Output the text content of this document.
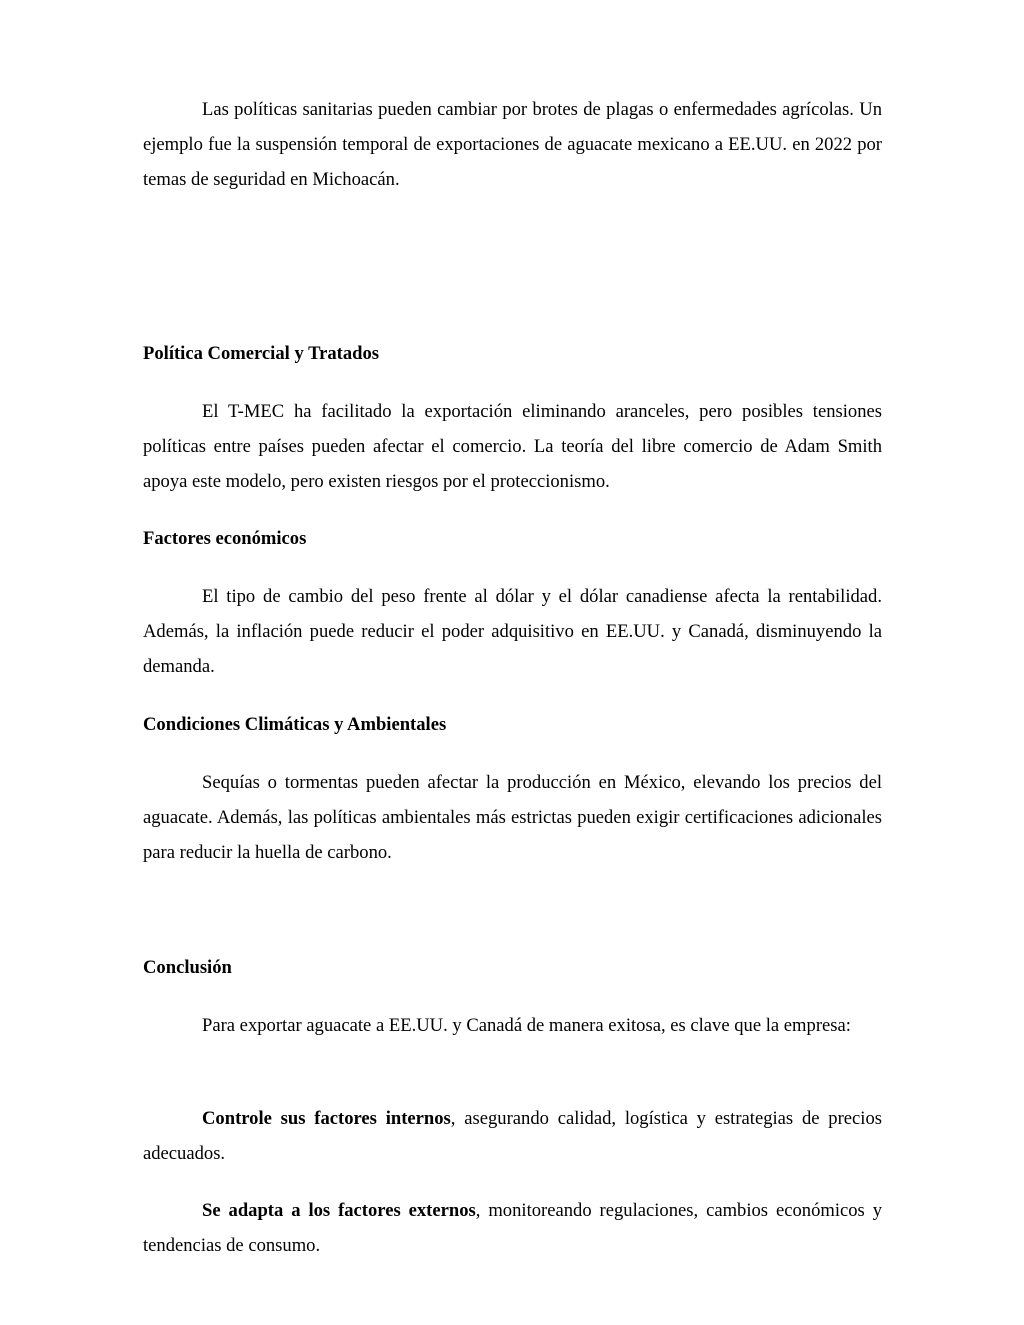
Las políticas sanitarias pueden cambiar por brotes de plagas o enfermedades agrícolas. Un ejemplo fue la suspensión temporal de exportaciones de aguacate mexicano a EE.UU. en 2022 por temas de seguridad en Michoacán.

Política Comercial y Tratados

El T-MEC ha facilitado la exportación eliminando aranceles, pero posibles tensiones políticas entre países pueden afectar el comercio. La teoría del libre comercio de Adam Smith apoya este modelo, pero existen riesgos por el proteccionismo.

Factores económicos

El tipo de cambio del peso frente al dólar y el dólar canadiense afecta la rentabilidad. Además, la inflación puede reducir el poder adquisitivo en EE.UU. y Canadá, disminuyendo la demanda.

Condiciones Climáticas y Ambientales

Sequías o tormentas pueden afectar la producción en México, elevando los precios del aguacate. Además, las políticas ambientales más estrictas pueden exigir certificaciones adicionales para reducir la huella de carbono.

Conclusión

Para exportar aguacate a EE.UU. y Canadá de manera exitosa, es clave que la empresa:

Controle sus factores internos, asegurando calidad, logística y estrategias de precios adecuados.

Se adapta a los factores externos, monitoreando regulaciones, cambios económicos y tendencias de consumo.
